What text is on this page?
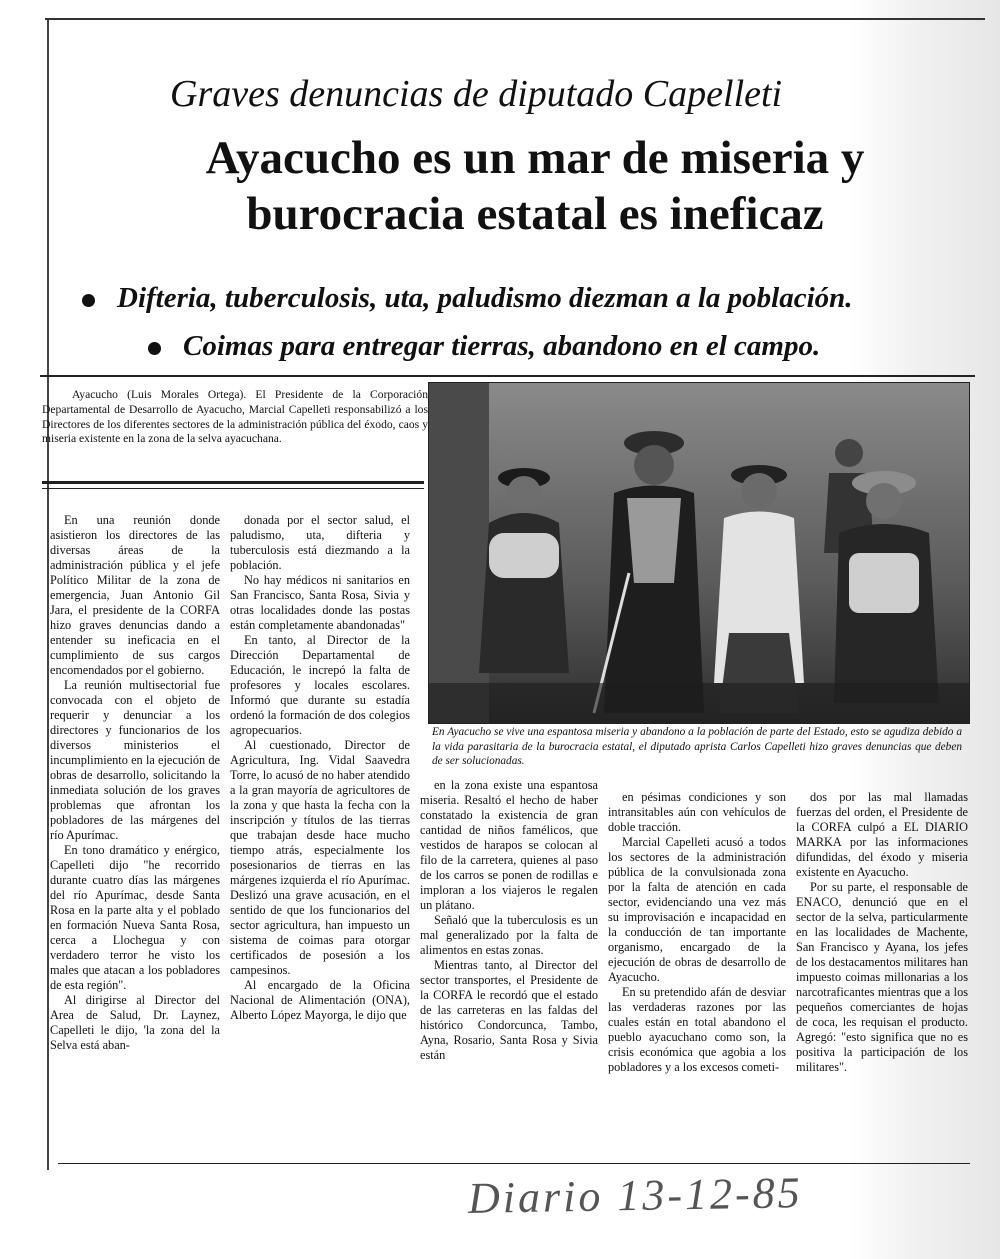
Graves denuncias de diputado Capelleti
Ayacucho es un mar de miseria y burocracia estatal es ineficaz
Difteria, tuberculosis, uta, paludismo diezman a la población.
Coimas para entregar tierras, abandono en el campo.
Ayacucho (Luis Morales Ortega). El Presidente de la Corporación Departamental de Desarrollo de Ayacucho, Marcial Capelleti responsabilizó a los Directores de los diferentes sectores de la administración pública del éxodo, caos y miseria existente en la zona de la selva ayacuchana.
En Ayacucho se vive una espantosa miseria y abandono a la población de parte del Estado, esto se agudiza debido a la vida parasitaria de la burocracia estatal, el diputado aprista Carlos Capelleti hizo graves denuncias que deben de ser solucionadas.

En una reunión donde asistieron los directores de las diversas áreas de la administración pública y el jefe Político Militar de la zona de emergencia, Juan Antonio Gil Jara, el presidente de la CORFA hizo graves denuncias dando a entender su ineficacia en el cumplimiento de sus cargos encomendados por el gobierno.

La reunión multisectorial fue convocada con el objeto de requerir y denunciar a los directores y funcionarios de los diversos ministerios el incumplimiento en la ejecución de obras de desarrollo, solicitando la inmediata solución de los graves problemas que afrontan los pobladores de las márgenes del río Apurímac.

En tono dramático y enérgico, Capelleti dijo "he recorrido durante cuatro días las márgenes del río Apurímac, desde Santa Rosa en la parte alta y el poblado en formación Nueva Santa Rosa, cerca a Llochegua y con verdadero terror he visto los males que atacan a los pobladores de esta región".

Al dirigirse al Director del Area de Salud, Dr. Laynez, Capelleti le dijo, 'la zona del la Selva está aban-

donada por el sector salud, el paludismo, uta, difteria y tuberculosis está diezmando a la población.

No hay médicos ni sanitarios en San Francisco, Santa Rosa, Sivia y otras localidades donde las postas están completamente abandonadas"

En tanto, al Director de la Dirección Departamental de Educación, le increpó la falta de profesores y locales escolares. Informó que durante su estadía ordenó la formación de dos colegios agropecuarios.

Al cuestionado, Director de Agricultura, Ing. Vidal Saavedra Torre, lo acusó de no haber atendido a la gran mayoría de agricultores de la zona y que hasta la fecha con la inscripción y títulos de las tierras que trabajan desde hace mucho tiempo atrás, especialmente los posesionarios de tierras en las márgenes izquierda el río Apurímac. Deslizó una grave acusación, en el sentido de que los funcionarios del sector agricultura, han impuesto un sistema de coimas para otorgar certificados de posesión a los campesinos.

Al encargado de la Oficina Nacional de Alimentación (ONA), Alberto López Mayorga, le dijo que

en la zona existe una espantosa miseria. Resaltó el hecho de haber constatado la existencia de gran cantidad de niños famélicos, que vestidos de harapos se colocan al filo de la carretera, quienes al paso de los carros se ponen de rodillas e imploran a los viajeros le regalen un plátano.

Señaló que la tuberculosis es un mal generalizado por la falta de alimentos en estas zonas.

Mientras tanto, al Director del sector transportes, el Presidente de la CORFA le recordó que el estado de las carreteras en las faldas del histórico Condorcunca, Tambo, Ayna, Rosario, Santa Rosa y Sivia están

en pésimas condiciones y son intransitables aún con vehículos de doble tracción.

Marcial Capelleti acusó a todos los sectores de la administración pública de la convulsionada zona por la falta de atención en cada sector, evidenciando una vez más su improvisación e incapacidad en la conducción de tan importante organismo, encargado de la ejecución de obras de desarrollo de Ayacucho.

En su pretendido afán de desviar las verdaderas razones por las cuales están en total abandono el pueblo ayacuchano como son, la crisis económica que agobia a los pobladores y a los excesos cometi-

dos por las mal llamadas fuerzas del orden, el Presidente de la CORFA culpó a EL DIARIO MARKA por las informaciones difundidas, del éxodo y miseria existente en Ayacucho.

Por su parte, el responsable de ENACO, denunció que en el sector de la selva, particularmente en las localidades de Machente, San Francisco y Ayana, los jefes de los destacamentos militares han impuesto coimas millonarias a los narcotraficantes mientras que a los pequeños comerciantes de hojas de coca, les requisan el producto. Agregó: "esto significa que no es positiva la participación de los militares".

Diario 13-12-85
